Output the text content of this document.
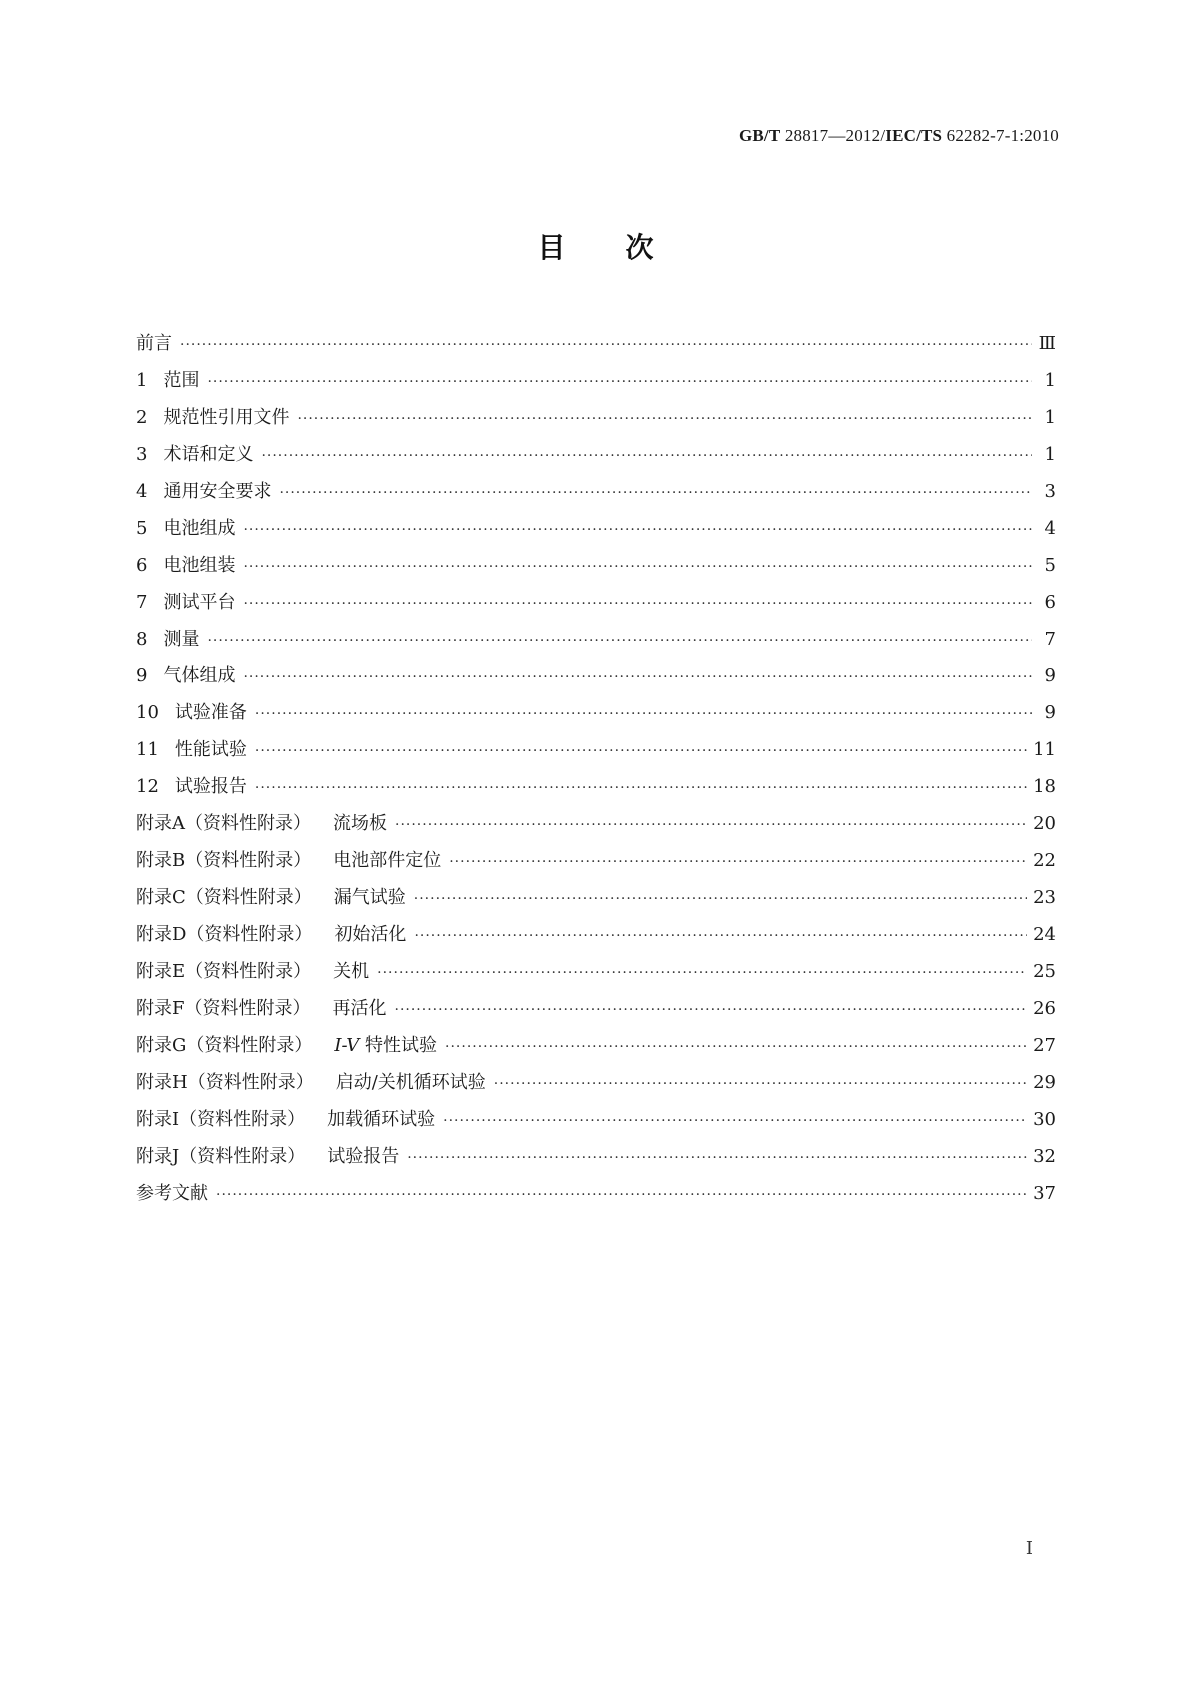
GB/T 28817—2012/IEC/TS 62282-7-1:2010
目次
前言 ·····	Ⅲ
1 范围 ·····	1
2 规范性引用文件 ·····	1
3 术语和定义 ·····	1
4 通用安全要求 ·····	3
5 电池组成 ·····	4
6 电池组装 ·····	5
7 测试平台 ·····	6
8 测量 ·····	7
9 气体组成 ·····	9
10 试验准备 ·····	9
11 性能试验 ·····	11
12 试验报告 ·····	18
附录A（资料性附录） 流场板 ·····	20
附录B（资料性附录） 电池部件定位 ·····	22
附录C（资料性附录） 漏气试验 ·····	23
附录D（资料性附录） 初始活化 ·····	24
附录E（资料性附录） 关机 ·····	25
附录F（资料性附录） 再活化 ·····	26
附录G（资料性附录） I-V 特性试验 ·····	27
附录H（资料性附录） 启动/关机循环试验 ·····	29
附录I（资料性附录） 加载循环试验 ·····	30
附录J（资料性附录） 试验报告 ·····	32
参考文献 ·····	37
I
